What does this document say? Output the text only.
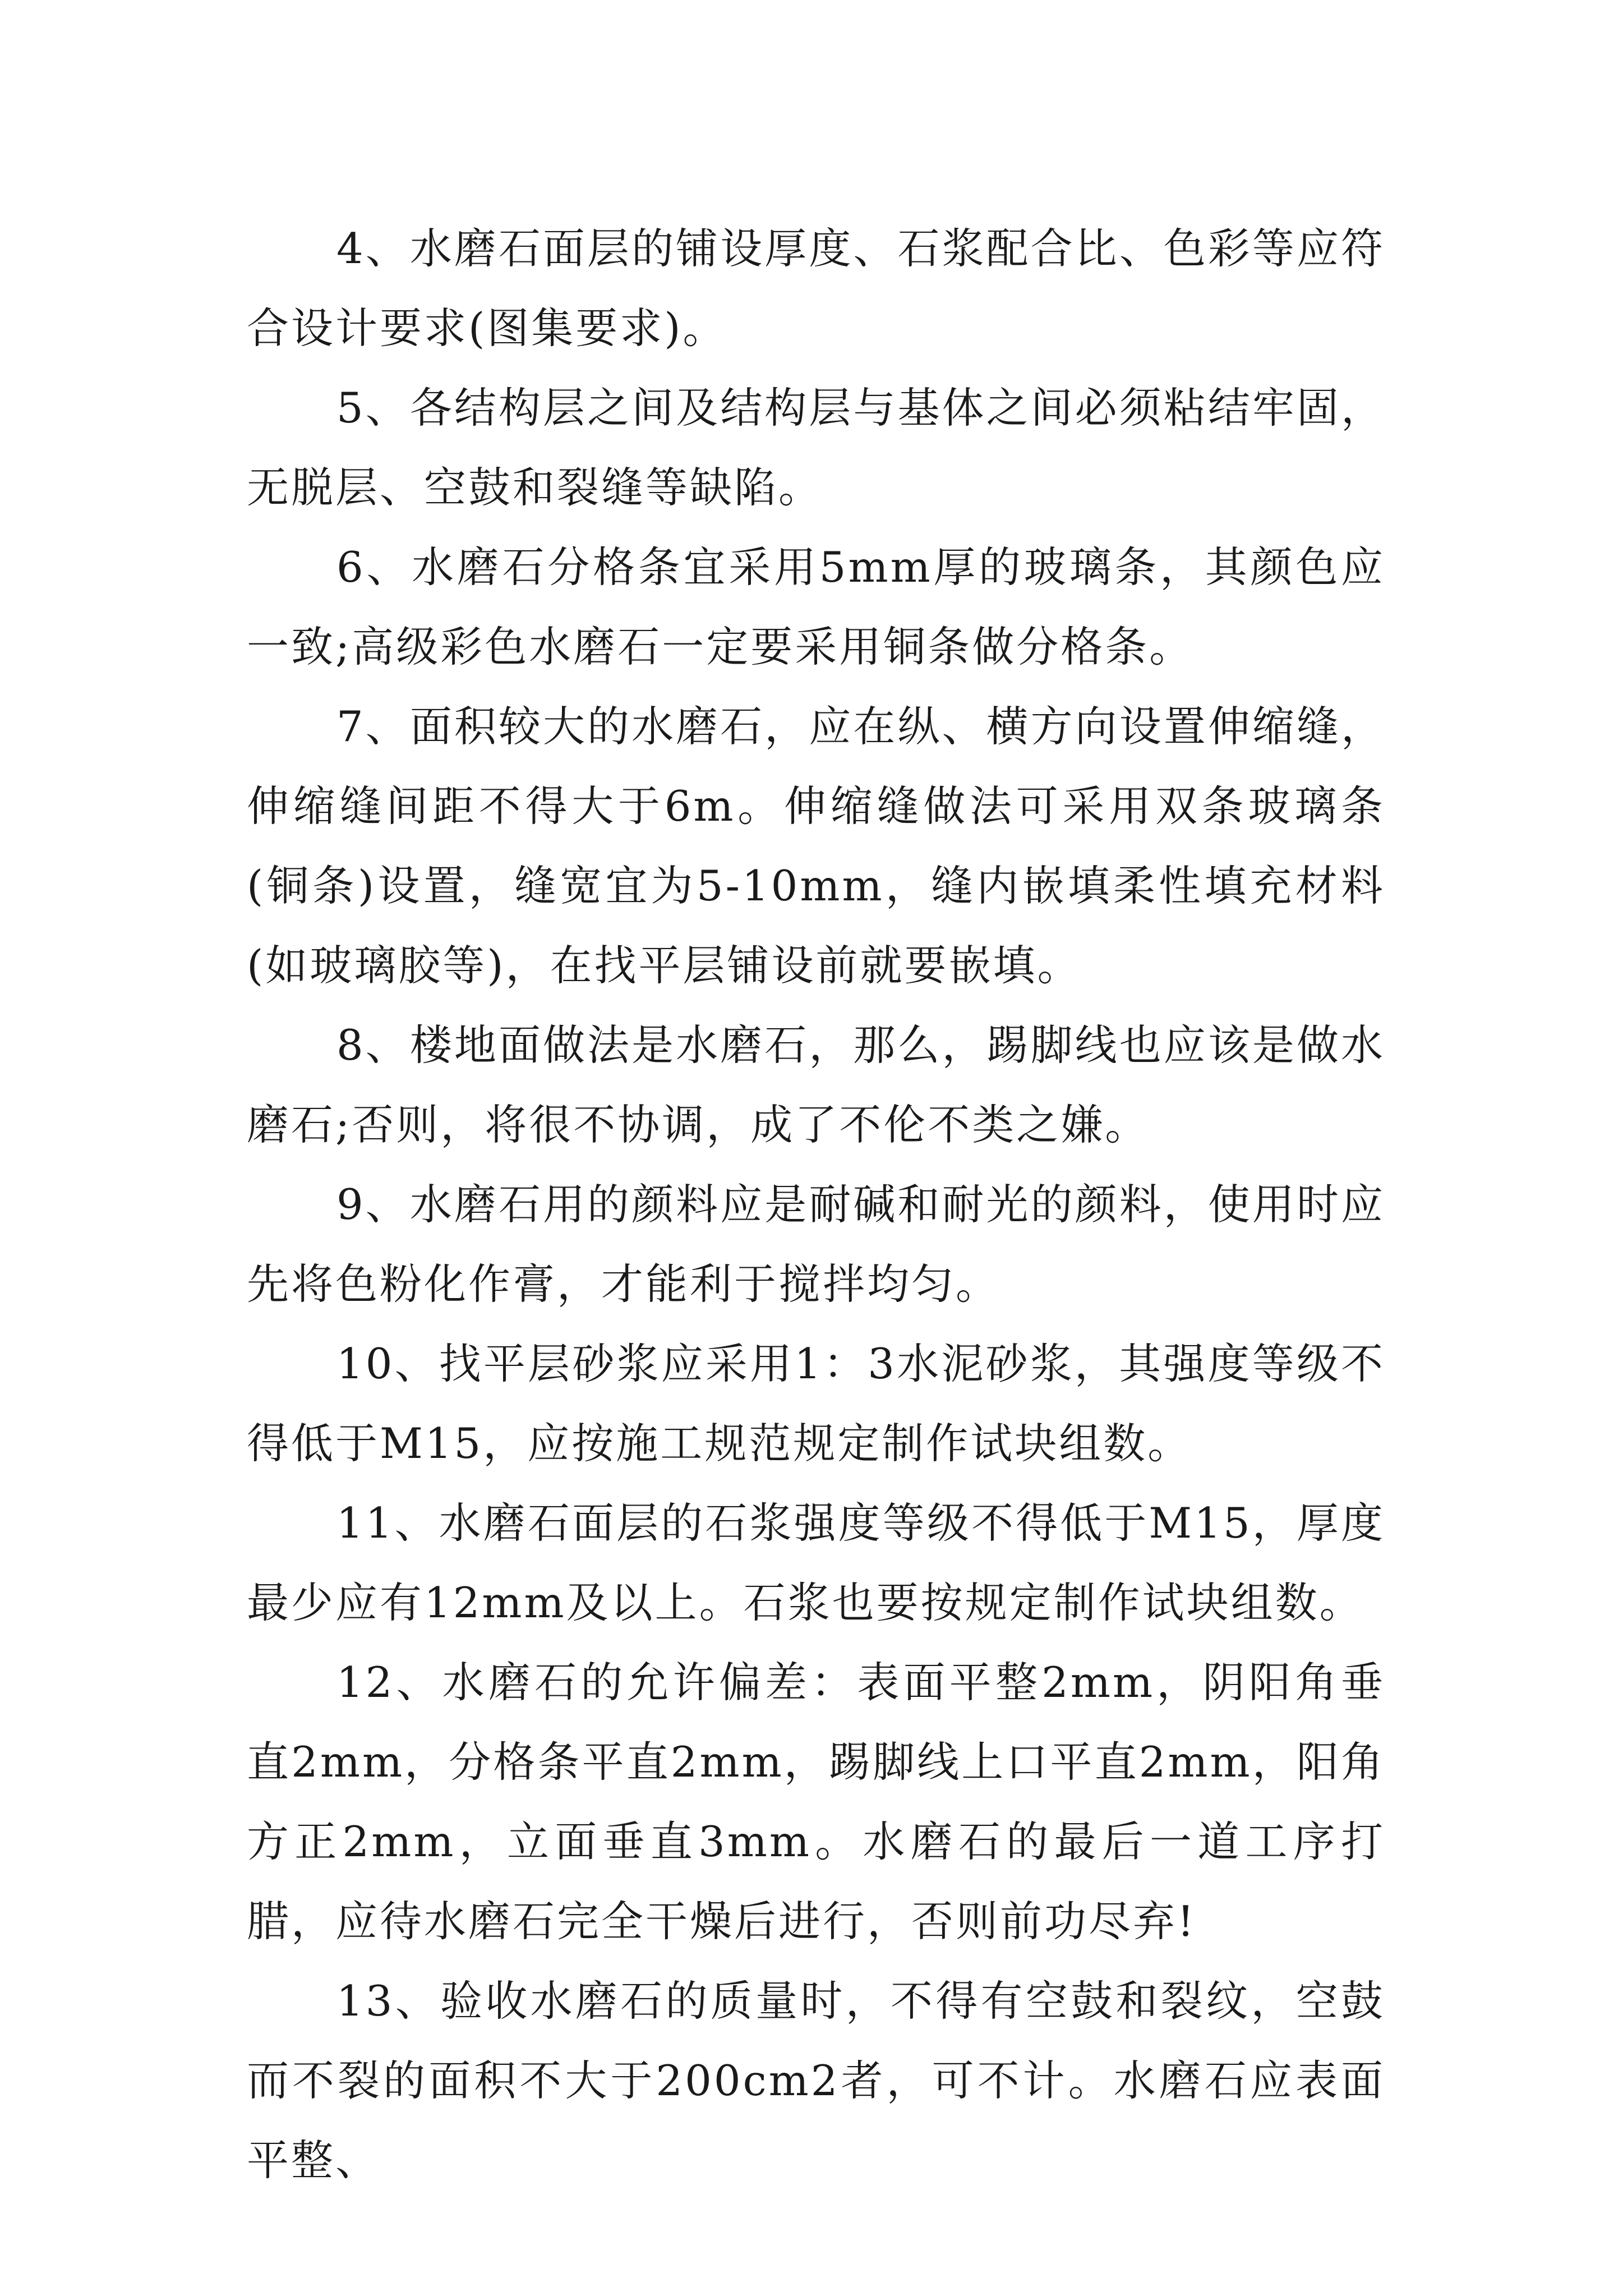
4、水磨石面层的铺设厚度、石浆配合比、色彩等应符合设计要求(图集要求)。

5、各结构层之间及结构层与基体之间必须粘结牢固，无脱层、空鼓和裂缝等缺陷。

6、水磨石分格条宜采用5mm厚的玻璃条，其颜色应一致;高级彩色水磨石一定要采用铜条做分格条。

7、面积较大的水磨石，应在纵、横方向设置伸缩缝，伸缩缝间距不得大于6m。伸缩缝做法可采用双条玻璃条(铜条)设置，缝宽宜为5-10mm，缝内嵌填柔性填充材料(如玻璃胶等)，在找平层铺设前就要嵌填。

8、楼地面做法是水磨石，那么，踢脚线也应该是做水磨石;否则，将很不协调，成了不伦不类之嫌。

9、水磨石用的颜料应是耐碱和耐光的颜料，使用时应先将色粉化作膏，才能利于搅拌均匀。

10、找平层砂浆应采用1：3水泥砂浆，其强度等级不得低于M15，应按施工规范规定制作试块组数。

11、水磨石面层的石浆强度等级不得低于M15，厚度最少应有12mm及以上。石浆也要按规定制作试块组数。

12、水磨石的允许偏差：表面平整2mm，阴阳角垂直2mm，分格条平直2mm，踢脚线上口平直2mm，阳角方正2mm，立面垂直3mm。水磨石的最后一道工序打腊，应待水磨石完全干燥后进行，否则前功尽弃!

13、验收水磨石的质量时，不得有空鼓和裂纹，空鼓而不裂的面积不大于200cm2者，可不计。水磨石应表面平整、
